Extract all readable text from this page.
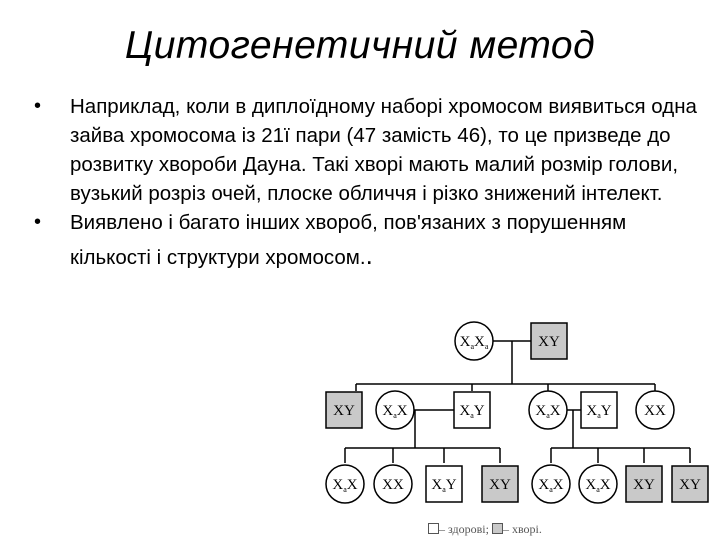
Цитогенетичний метод
• Наприклад, коли в диплоїдному наборі хромосом виявиться одна зайва хромосома із 21ї пари (47 замість 46), то це призведе до розвитку хвороби Дауна. Такі хворі мають малий розмір голови, вузький розріз очей, плоске обличчя і різко знижений інтелект.
• Виявлено і багато інших хвороб, пов'язаних з порушенням кількості і структури хромосом..
$X_aX_a$	XY
XY $X_aX$	$X_aY$	$X_aX$ $X_aY$ XX
$X_aX$ XX $X_aY$ XY $X_aX$ $X_aX$ XY XY
– здорові; – хворі.
